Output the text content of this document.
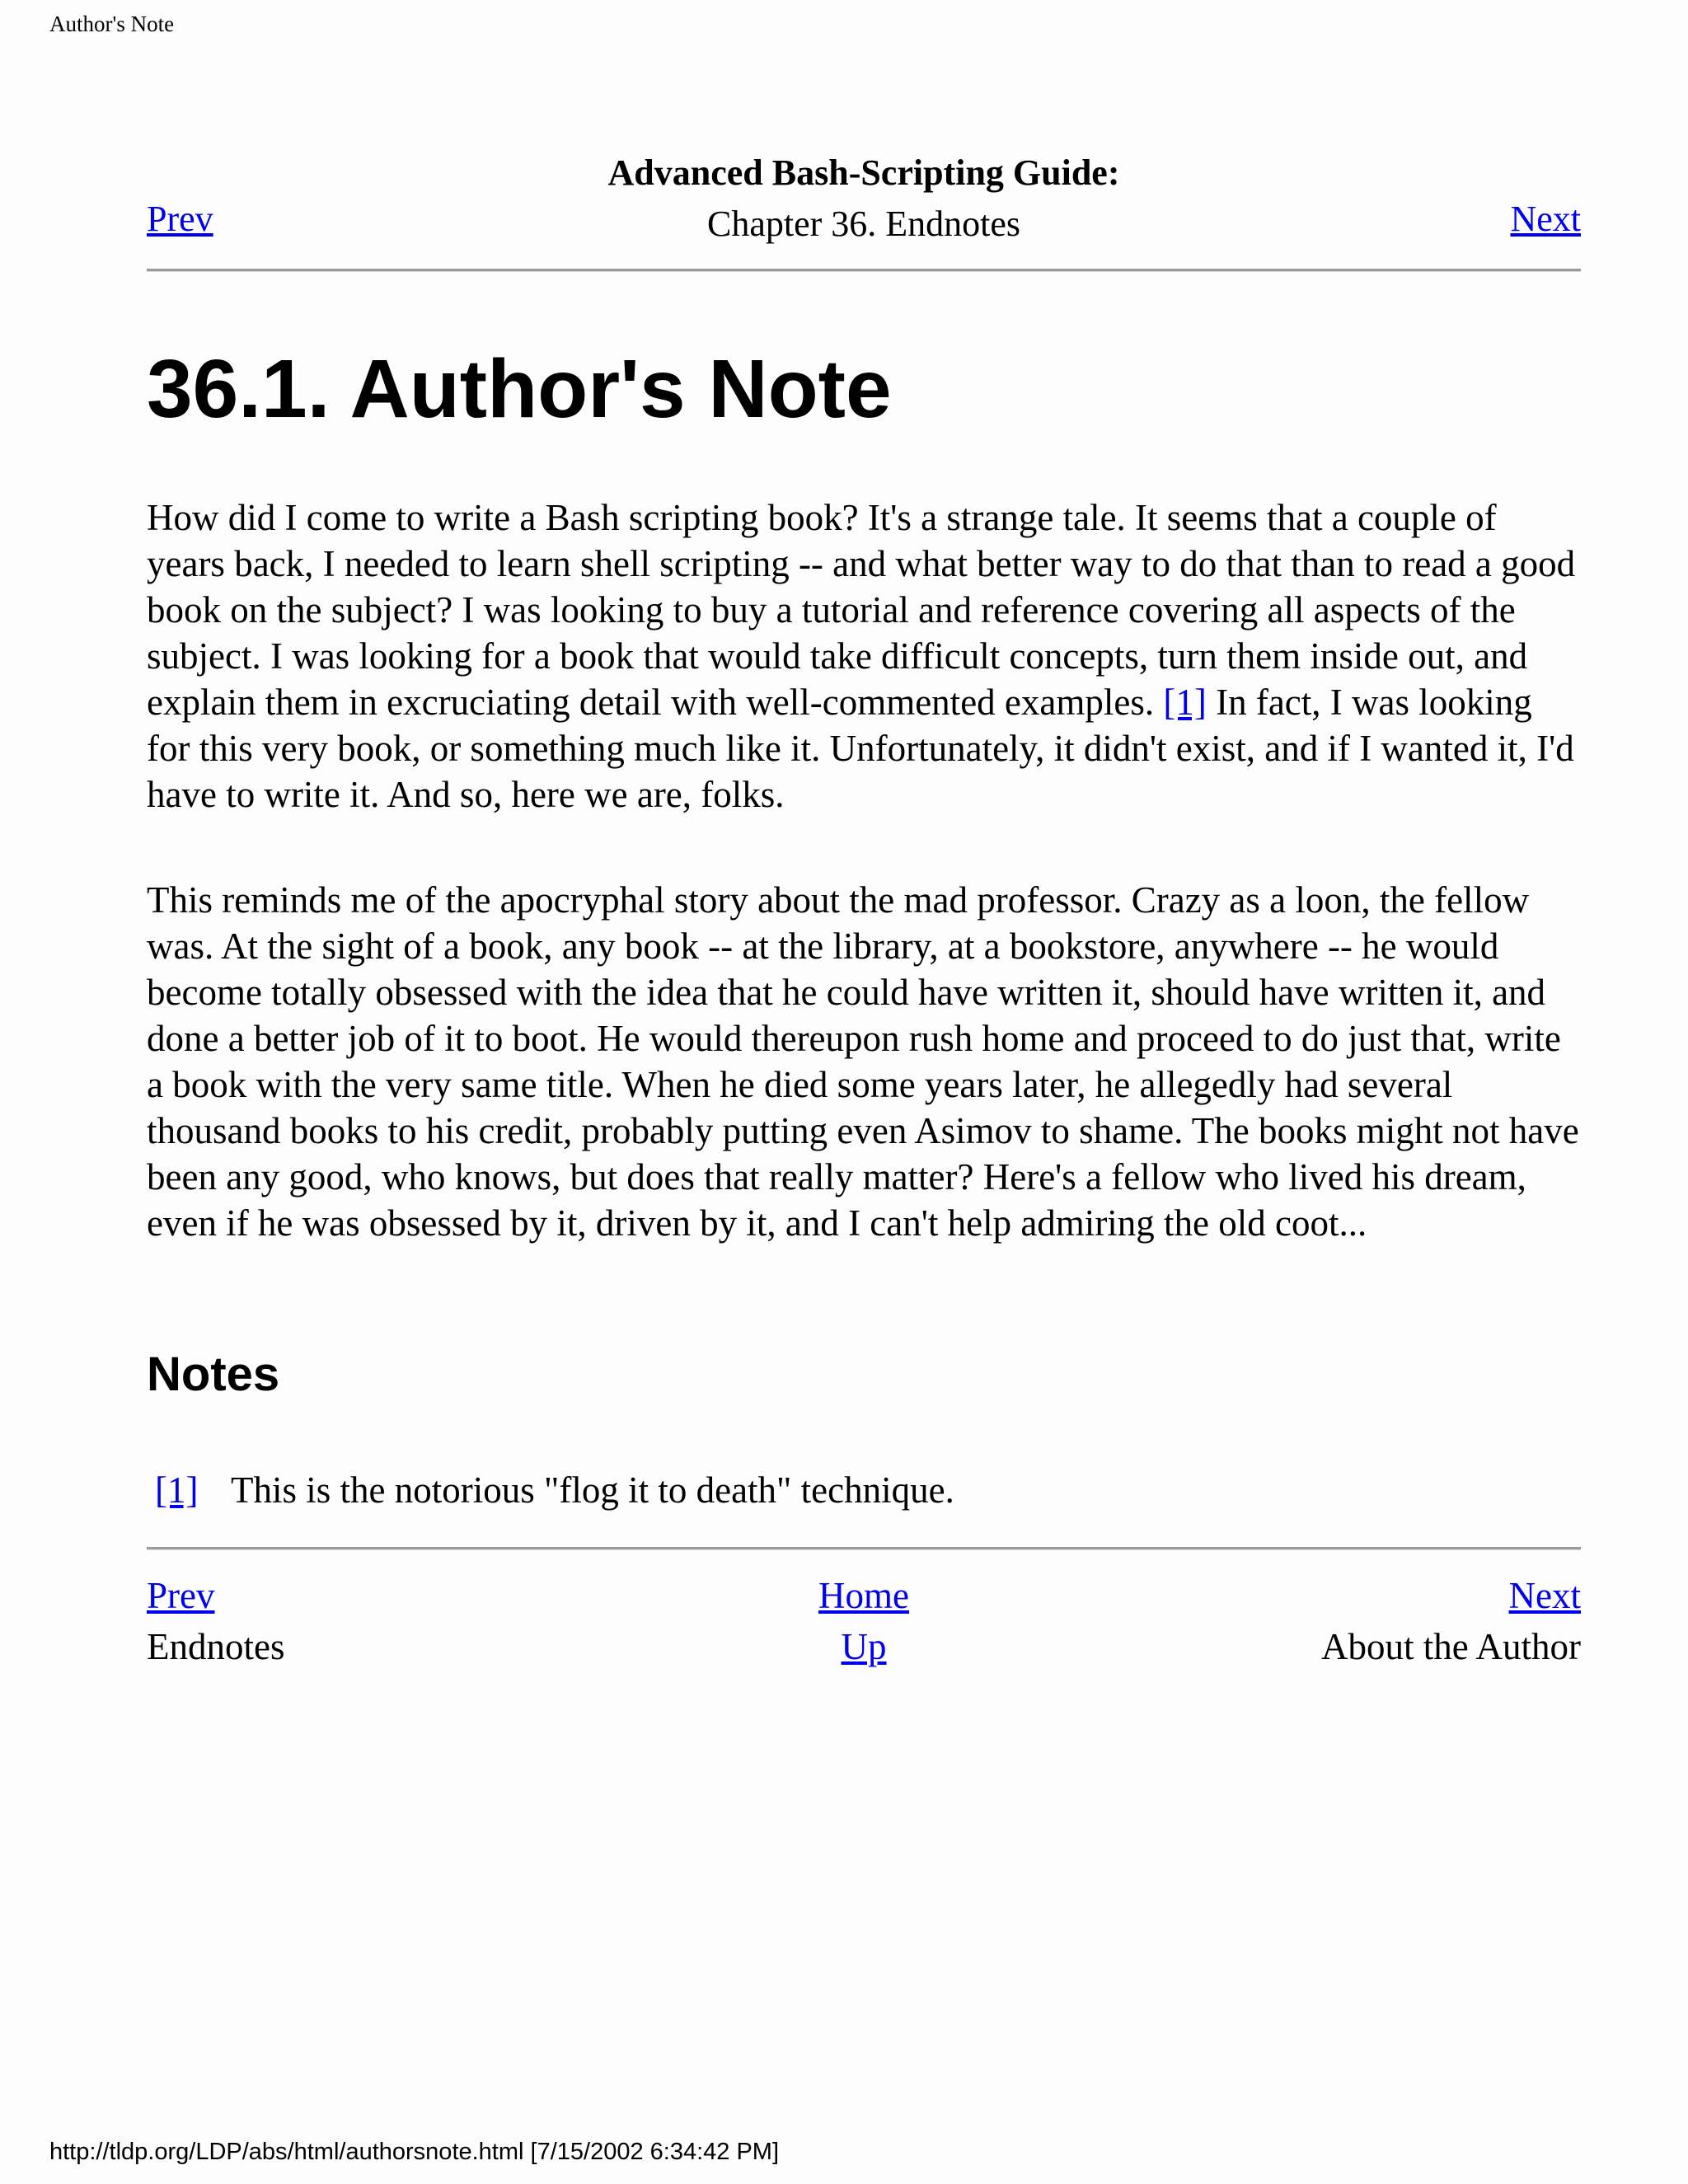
Author's Note
Advanced Bash-Scripting Guide:
Chapter 36. Endnotes
Prev	Next
36.1. Author's Note

How did I come to write a Bash scripting book? It's a strange tale. It seems that a couple of years back, I needed to learn shell scripting -- and what better way to do that than to read a good book on the subject? I was looking to buy a tutorial and reference covering all aspects of the subject. I was looking for a book that would take difficult concepts, turn them inside out, and explain them in excruciating detail with well-commented examples. [1] In fact, I was looking for this very book, or something much like it. Unfortunately, it didn't exist, and if I wanted it, I'd have to write it. And so, here we are, folks.

This reminds me of the apocryphal story about the mad professor. Crazy as a loon, the fellow was. At the sight of a book, any book -- at the library, at a bookstore, anywhere -- he would become totally obsessed with the idea that he could have written it, should have written it, and done a better job of it to boot. He would thereupon rush home and proceed to do just that, write a book with the very same title. When he died some years later, he allegedly had several thousand books to his credit, probably putting even Asimov to shame. The books might not have been any good, who knows, but does that really matter? Here's a fellow who lived his dream, even if he was obsessed by it, driven by it, and I can't help admiring the old coot...

Notes
[1] This is the notorious "flog it to death" technique.
Prev	Home	Next
Endnotes	Up	About the Author
http://tldp.org/LDP/abs/html/authorsnote.html [7/15/2002 6:34:42 PM]
